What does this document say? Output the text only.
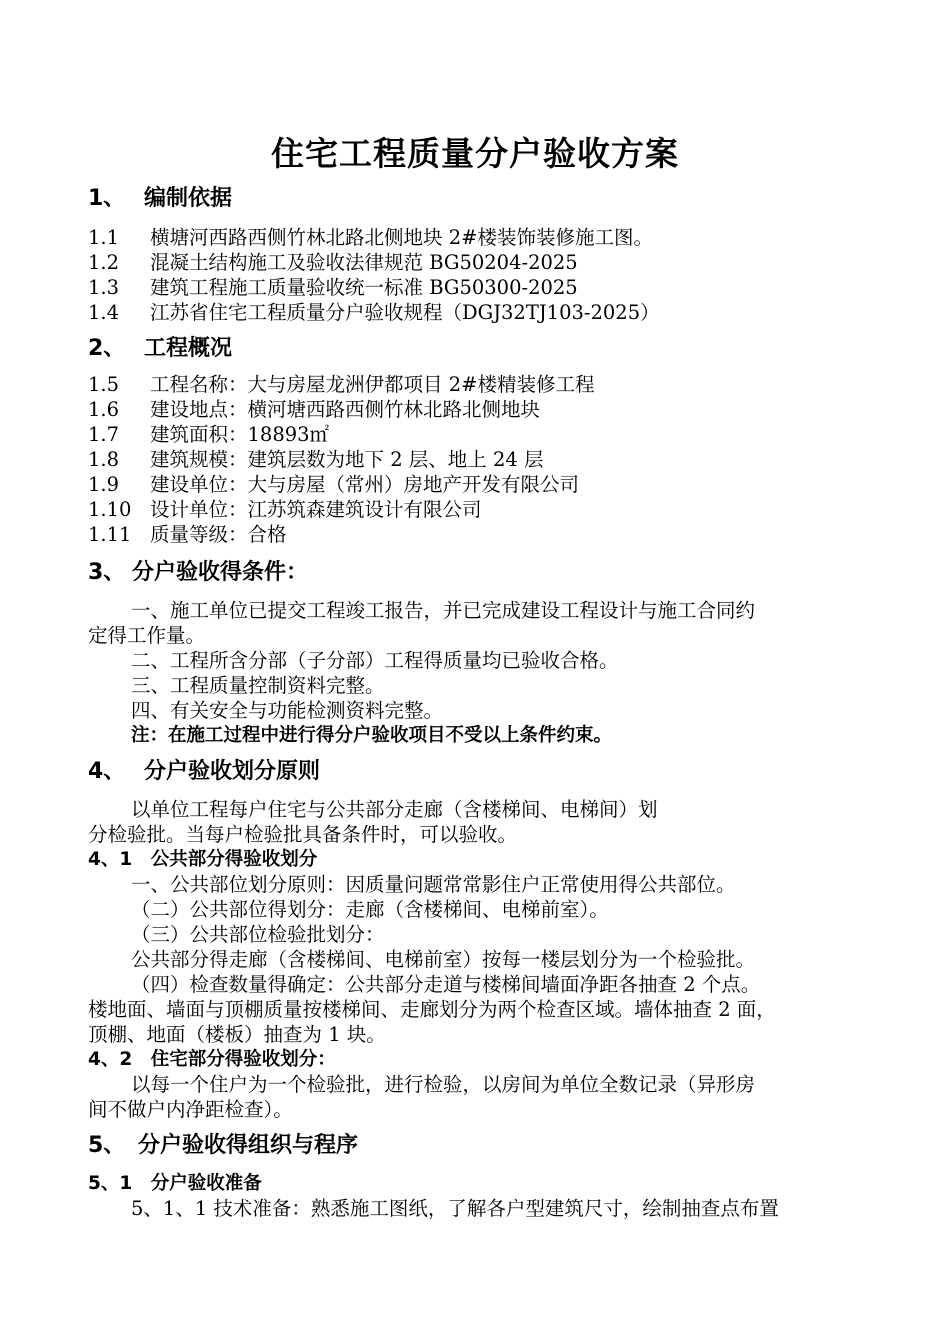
住宅工程质量分户验收方案
1、 编制依据
1.1 横塘河西路西侧竹林北路北侧地块 2#楼装饰装修施工图。
1.2 混凝土结构施工及验收法律规范 BG50204-2025
1.3 建筑工程施工质量验收统一标准 BG50300-2025
1.4 江苏省住宅工程质量分户验收规程（DGJ32TJ103-2025）
2、 工程概况
1.5 工程名称：大与房屋龙洲伊都项目 2#楼精装修工程
1.6 建设地点：横河塘西路西侧竹林北路北侧地块
1.7 建筑面积：18893㎡
1.8 建筑规模：建筑层数为地下 2 层、地上 24 层
1.9 建设单位：大与房屋（常州）房地产开发有限公司
1.10 设计单位：江苏筑森建筑设计有限公司
1.11 质量等级：合格
3、 分户验收得条件：
一、施工单位已提交工程竣工报告，并已完成建设工程设计与施工合同约
定得工作量。
二、工程所含分部（子分部）工程得质量均已验收合格。
三、工程质量控制资料完整。
四、有关安全与功能检测资料完整。
注：在施工过程中进行得分户验收项目不受以上条件约束。
4、 分户验收划分原则
以单位工程每户住宅与公共部分走廊（含楼梯间、电梯间）划
分检验批。当每户检验批具备条件时，可以验收。
4、1　公共部分得验收划分
一、公共部位划分原则：因质量问题常常影住户正常使用得公共部位。
（二）公共部位得划分：走廊（含楼梯间、电梯前室）。
（三）公共部位检验批划分：
公共部分得走廊（含楼梯间、电梯前室）按每一楼层划分为一个检验批。
（四）检查数量得确定：公共部分走道与楼梯间墙面净距各抽查 2 个点。
楼地面、墙面与顶棚质量按楼梯间、走廊划分为两个检查区域。墙体抽查 2 面，
顶棚、地面（楼板）抽查为 1 块。
4、2　住宅部分得验收划分：
以每一个住户为一个检验批，进行检验，以房间为单位全数记录（异形房
间不做户内净距检查）。
5、 分户验收得组织与程序
5、1　分户验收准备
5、1、1 技术准备：熟悉施工图纸，了解各户型建筑尺寸，绘制抽查点布置
